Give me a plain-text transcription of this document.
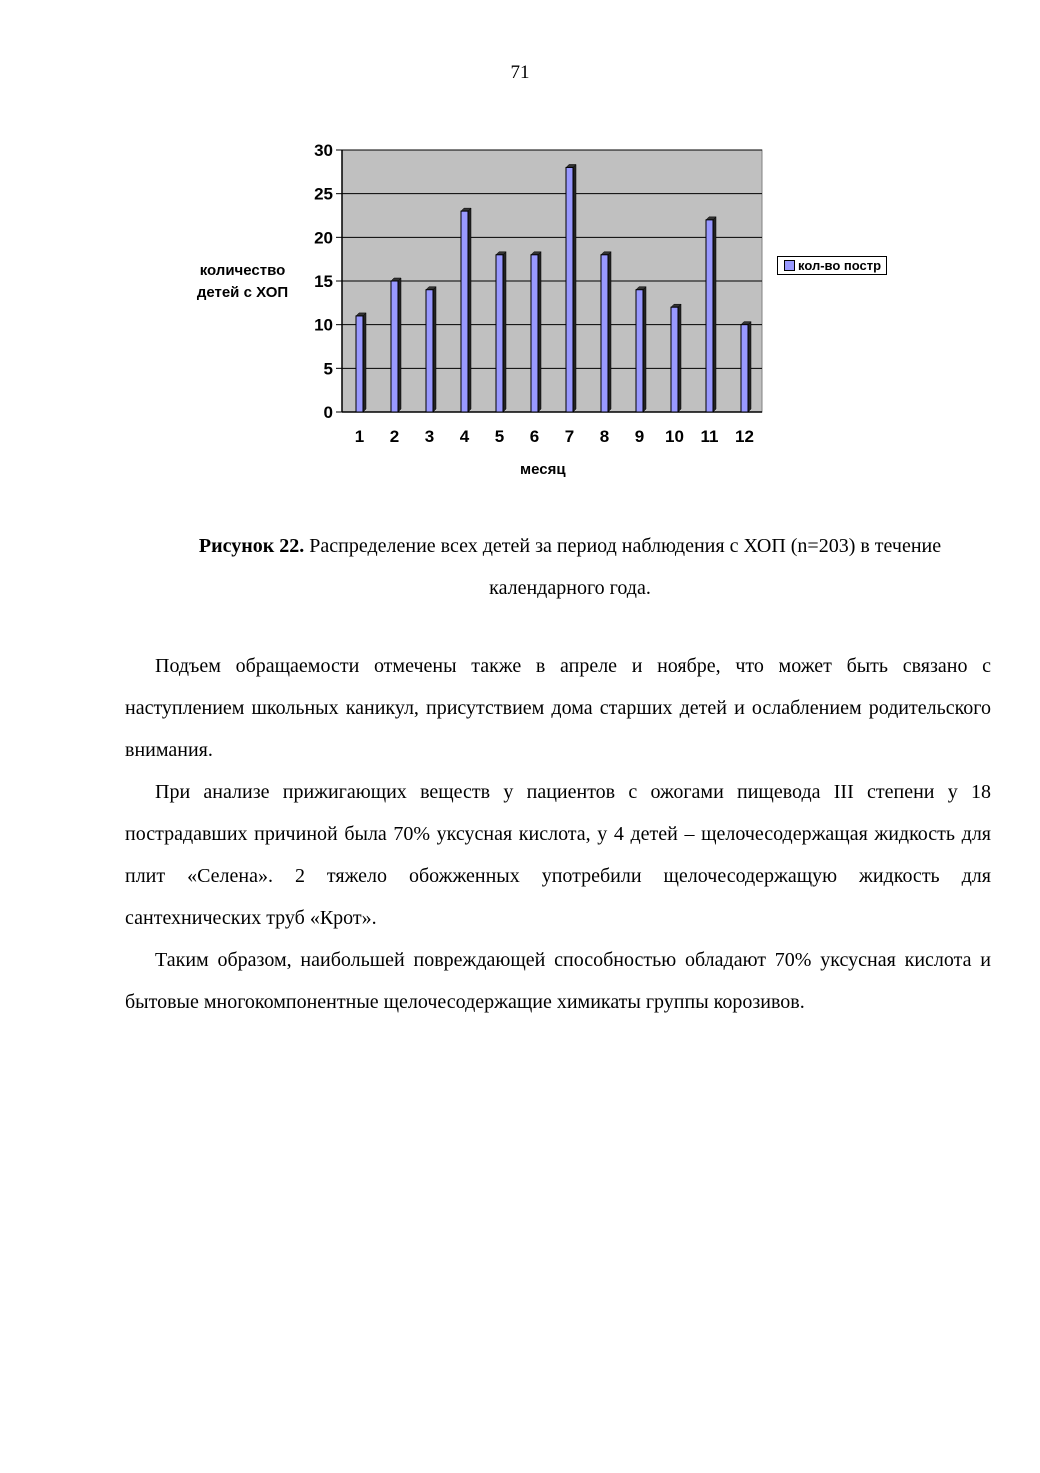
71
0
5
10
15
20
25
30
1 2 3 4 5 6 7 8 9 10 11 12
количество детей с ХОП
месяц
кол-во постр
Рисунок 22. Распределение всех детей за период наблюдения с ХОП (n=203) в течение календарного года.

Подъем обращаемости отмечены также в апреле и ноябре, что может быть связано с наступлением школьных каникул, присутствием дома старших детей и ослаблением родительского внимания.

При анализе прижигающих веществ у пациентов с ожогами пищевода III степени у 18 пострадавших причиной была 70% уксусная кислота, у 4 детей – щелочесодержащая жидкость для плит «Селена». 2 тяжело обожженных употребили щелочесодержащую жидкость для сантехнических труб «Крот».

Таким образом, наибольшей повреждающей способностью обладают 70% уксусная кислота и бытовые многокомпонентные щелочесодержащие химикаты группы корозивов.
